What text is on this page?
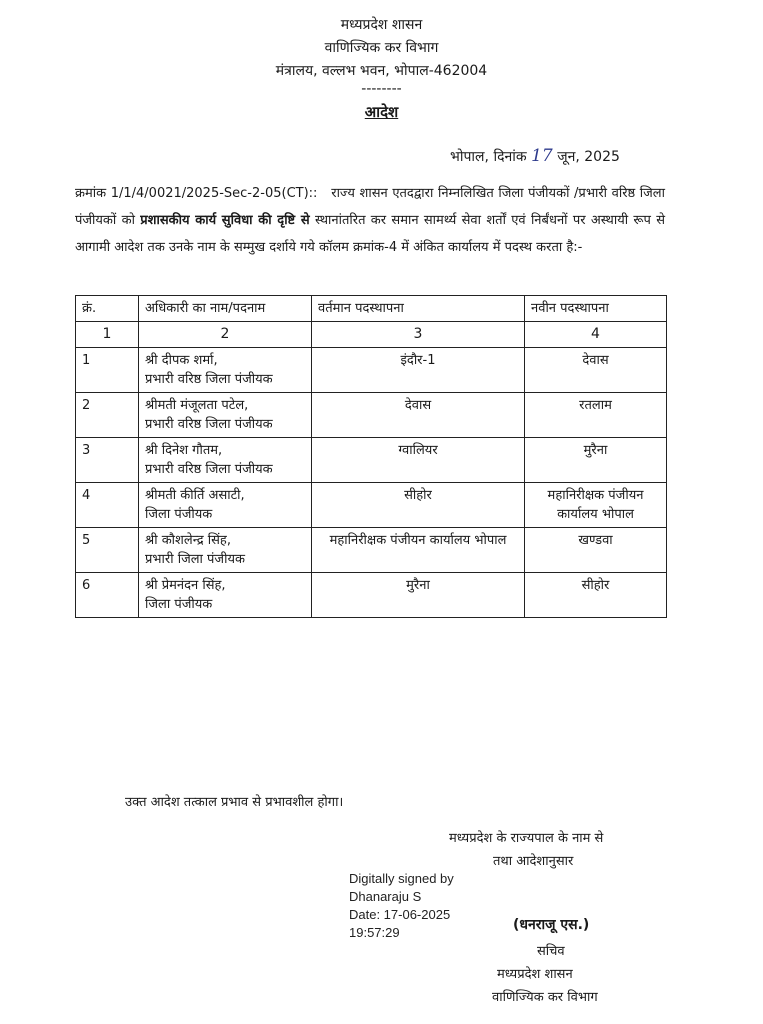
मध्यप्रदेश शासन
वाणिज्यिक कर विभाग
मंत्रालय, वल्लभ भवन, भोपाल-462004
--------
आदेश
भोपाल, दिनांक 17 जून, 2025
क्रमांक 1/1/4/0021/2025-Sec-2-05(CT):: राज्य शासन एतदद्वारा निम्नलिखित जिला पंजीयकों /प्रभारी वरिष्ठ जिला पंजीयकों को प्रशासकीय कार्य सुविधा की दृष्टि से स्थानांतरित कर समान सामर्थ्य सेवा शर्तों एवं निर्बंधनों पर अस्थायी रूप से आगामी आदेश तक उनके नाम के सम्मुख दर्शाये गये कॉलम क्रमांक-4 में अंकित कार्यालय में पदस्थ करता है:-
क्रं.	अधिकारी का नाम/पदनाम	वर्तमान पदस्थापना	नवीन पदस्थापना
1	2	3	4
1	श्री दीपक शर्मा,
प्रभारी वरिष्ठ जिला पंजीयक	इंदौर-1	देवास
2	श्रीमती मंजूलता पटेल,
प्रभारी वरिष्ठ जिला पंजीयक	देवास	रतलाम
3	श्री दिनेश गौतम,
प्रभारी वरिष्ठ जिला पंजीयक	ग्वालियर	मुरैना
4	श्रीमती कीर्ति असाटी,
जिला पंजीयक	सीहोर	महानिरीक्षक पंजीयन कार्यालय भोपाल
5	श्री कौशलेन्द्र सिंह,
प्रभारी जिला पंजीयक	महानिरीक्षक पंजीयन कार्यालय भोपाल	खण्डवा
6	श्री प्रेमनंदन सिंह,
जिला पंजीयक	मुरैना	सीहोर
उक्त आदेश तत्काल प्रभाव से प्रभावशील होगा।
मध्यप्रदेश के राज्यपाल के नाम से
तथा आदेशानुसार
Digitally signed by
Dhanaraju S
Date: 17-06-2025
19:57:29	(धनराजू एस.)
सचिव
मध्यप्रदेश शासन
वाणिज्यिक कर विभाग
